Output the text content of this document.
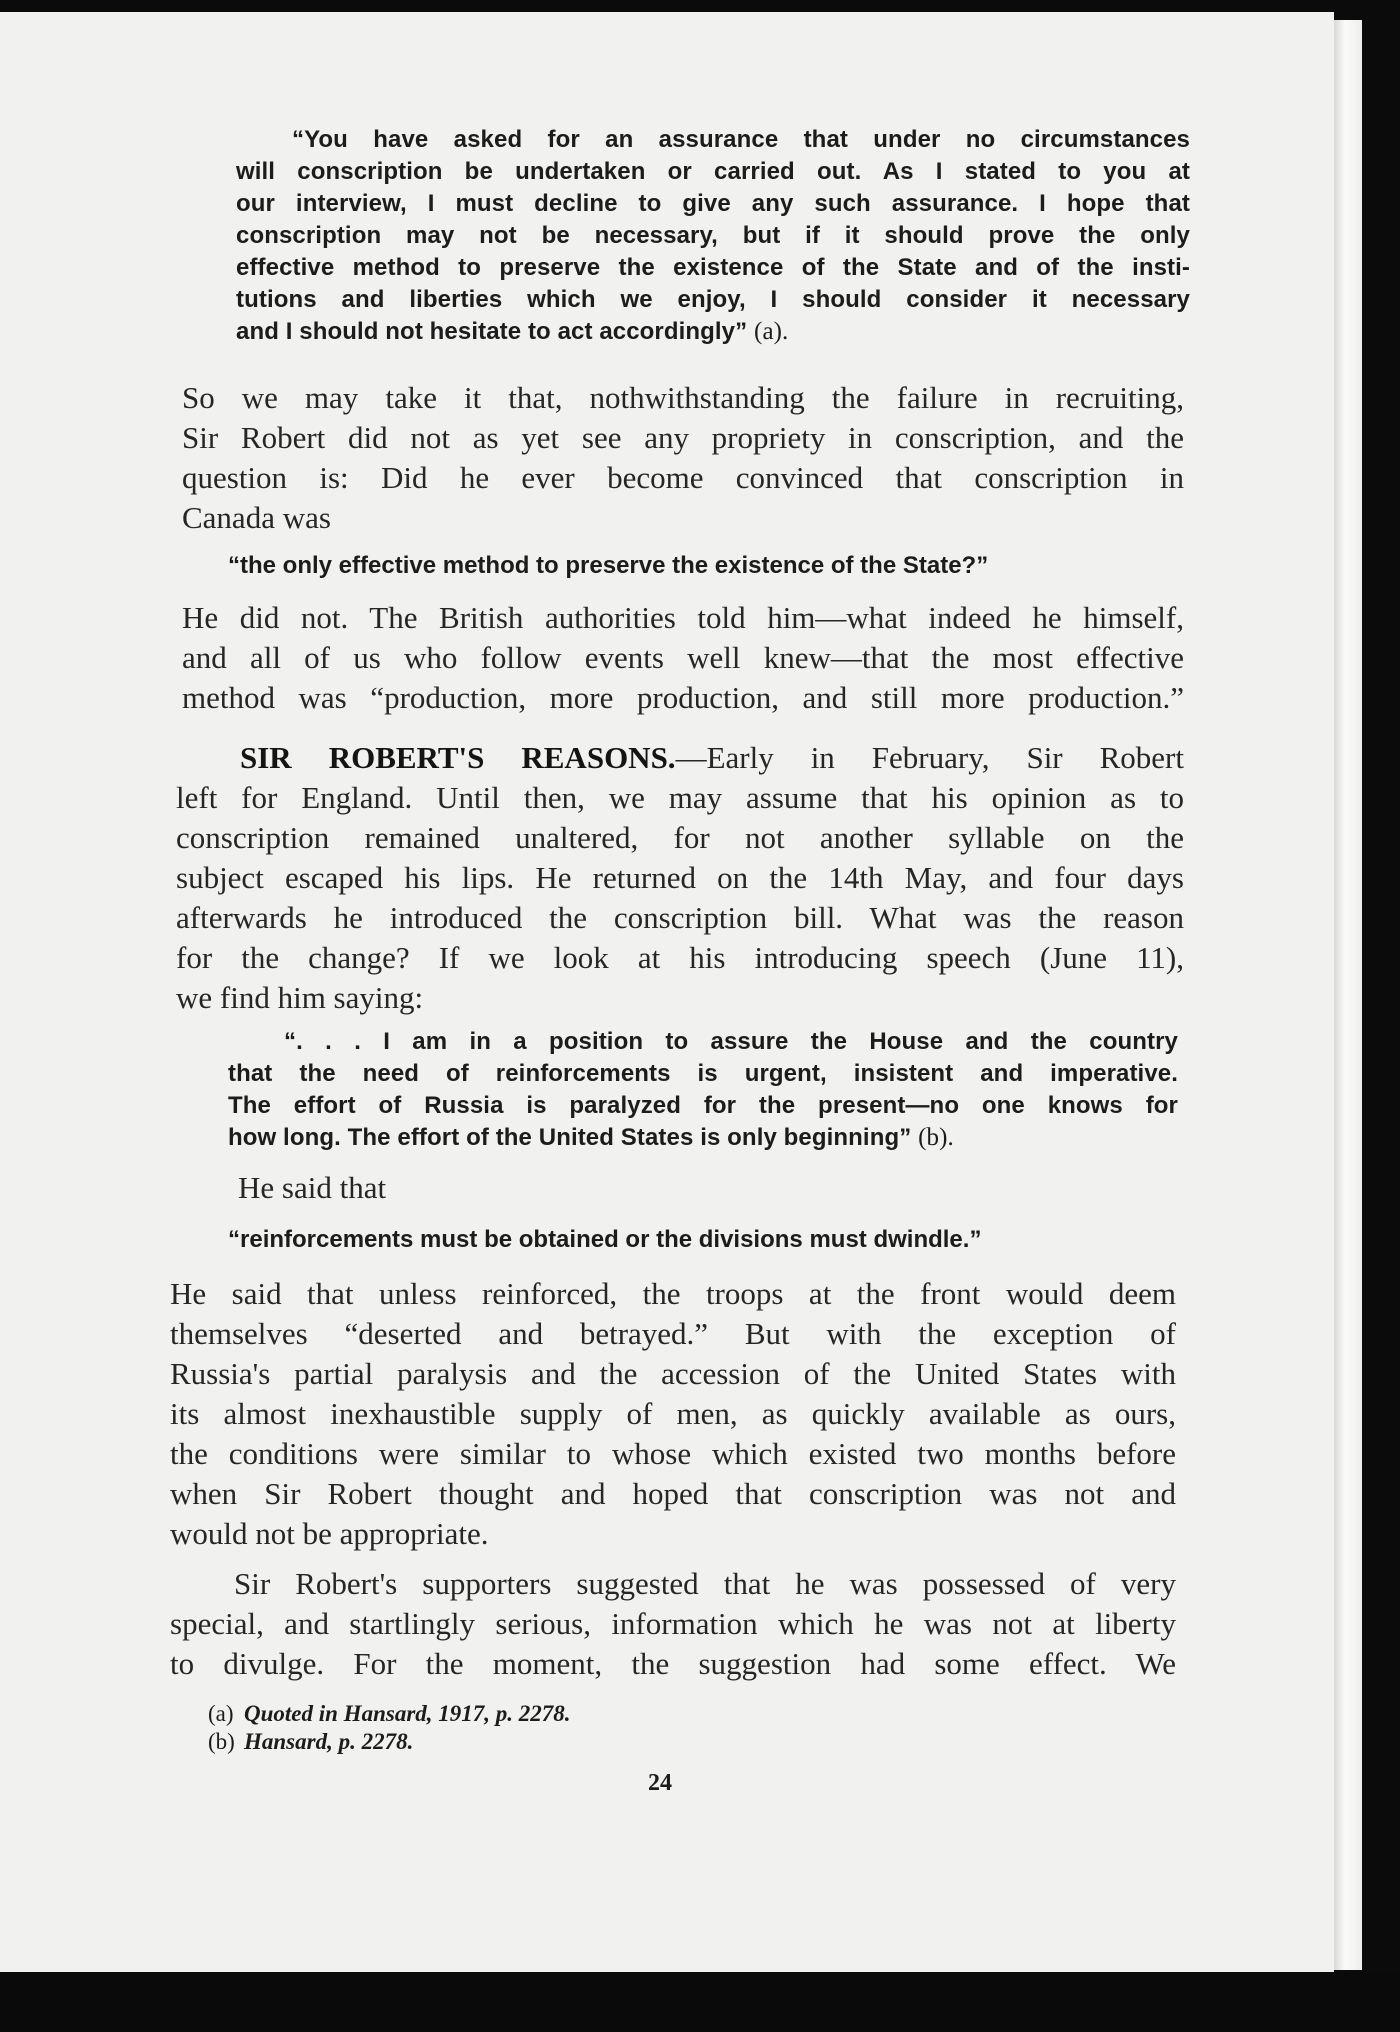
“You have asked for an assurance that under no circumstances
will conscription be undertaken or carried out. As I stated to you at
our interview, I must decline to give any such assurance. I hope that
conscription may not be necessary, but if it should prove the only
effective method to preserve the existence of the State and of the insti-
tutions and liberties which we enjoy, I should consider it necessary
and I should not hesitate to act accordingly” (a).
So we may take it that, nothwithstanding the failure in recruiting,
Sir Robert did not as yet see any propriety in conscription, and the
question is: Did he ever become convinced that conscription in
Canada was
“the only effective method to preserve the existence of the State?”
He did not. The British authorities told him—what indeed he himself,
and all of us who follow events well knew—that the most effective
method was “production, more production, and still more production.”
SIR ROBERT'S REASONS.—Early in February, Sir Robert
left for England. Until then, we may assume that his opinion as to
conscription remained unaltered, for not another syllable on the
subject escaped his lips. He returned on the 14th May, and four days
afterwards he introduced the conscription bill. What was the reason
for the change? If we look at his introducing speech (June 11),
we find him saying:
“. . . I am in a position to assure the House and the country
that the need of reinforcements is urgent, insistent and imperative.
The effort of Russia is paralyzed for the present—no one knows for
how long. The effort of the United States is only beginning” (b).
He said that
“reinforcements must be obtained or the divisions must dwindle.”
He said that unless reinforced, the troops at the front would deem
themselves “deserted and betrayed.” But with the exception of
Russia's partial paralysis and the accession of the United States with
its almost inexhaustible supply of men, as quickly available as ours,
the conditions were similar to whose which existed two months before
when Sir Robert thought and hoped that conscription was not and
would not be appropriate.
Sir Robert's supporters suggested that he was possessed of very
special, and startlingly serious, information which he was not at liberty
to divulge. For the moment, the suggestion had some effect. We
(a) Quoted in Hansard, 1917, p. 2278.
(b) Hansard, p. 2278.
24
